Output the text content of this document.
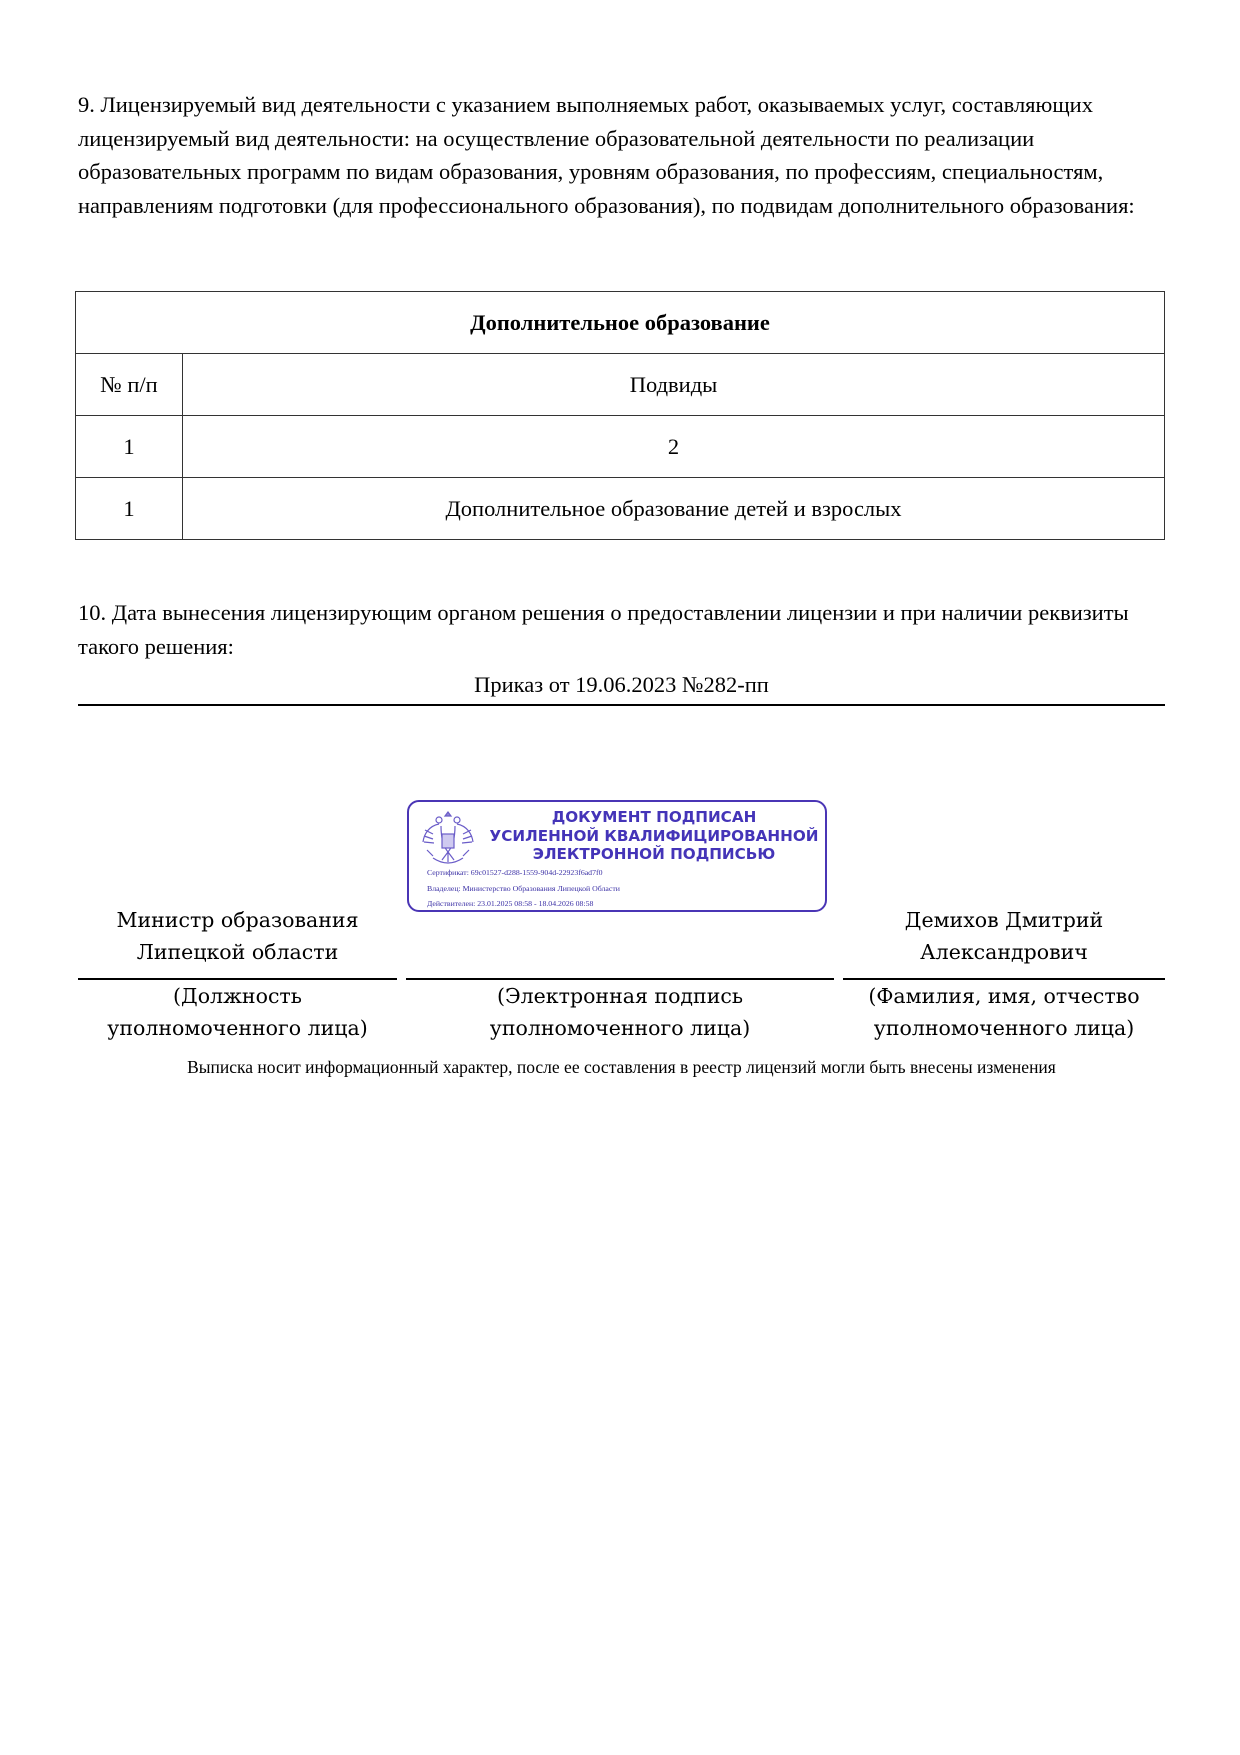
9. Лицензируемый вид деятельности с указанием выполняемых работ, оказываемых услуг, составляющих лицензируемый вид деятельности: на осуществление образовательной деятельности по реализации образовательных программ по видам образования, уровням образования, по профессиям, специальностям, направлениям подготовки (для профессионального образования), по подвидам дополнительного образования:
Дополнительное образование	
№ п/п	Подвиды
1	2
1	Дополнительное образование детей и взрослых
10. Дата вынесения лицензирующим органом решения о предоставлении лицензии и при наличии реквизиты такого решения:
Приказ от 19.06.2023 №282-пп
ДОКУМЕНТ ПОДПИСАН
УСИЛЕННОЙ КВАЛИФИЦИРОВАННОЙ
ЭЛЕКТРОННОЙ ПОДПИСЬЮ
Сертификат: 69c01527-d288-1559-904d-22923f6ad7f0
Владелец: Министерство Образования Липецкой Области
Действителен: 23.01.2025 08:58 - 18.04.2026 08:58
Министр образования
Липецкой области
Демихов Дмитрий
Александрович
(Должность
уполномоченного лица)
(Электронная подпись
уполномоченного лица)
(Фамилия, имя, отчество
уполномоченного лица)
Выписка носит информационный характер, после ее составления в реестр лицензий могли быть внесены изменения
